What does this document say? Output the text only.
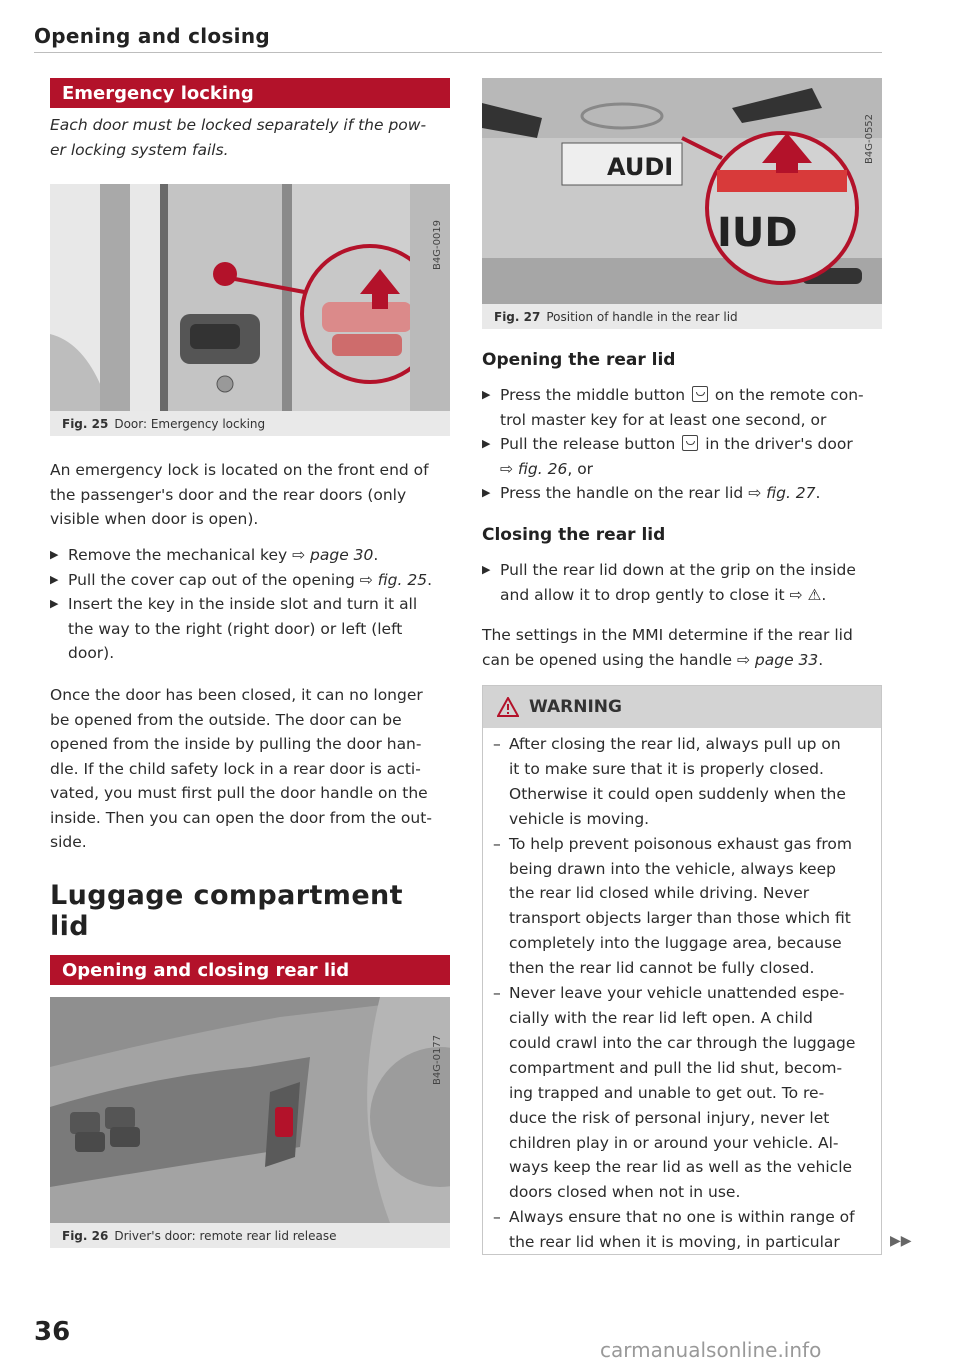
Opening and closing
Emergency locking
Each door must be locked separately if the pow-
er locking system fails.
B4G-0019
Fig. 25 Door: Emergency locking
An emergency lock is located on the front end of
the passenger's door and the rear doors (only
visible when door is open).
▶ Remove the mechanical key ⇨ page 30.
▶ Pull the cover cap out of the opening ⇨ fig. 25.
▶ Insert the key in the inside slot and turn it all
the way to the right (right door) or left (left
door).
Once the door has been closed, it can no longer
be opened from the outside. The door can be
opened from the inside by pulling the door han-
dle. If the child safety lock in a rear door is acti-
vated, you must first pull the door handle on the
inside. Then you can open the door from the out-
side.
Luggage compartment
lid
Opening and closing rear lid
B4G-0177
Fig. 26 Driver's door: remote rear lid release
AUDI
IUD
B4G-0552
Fig. 27 Position of handle in the rear lid
Opening the rear lid
▶ Press the middle button  on the remote con-
trol master key for at least one second, or
▶ Pull the release button  in the driver's door
⇨ fig. 26, or
▶ Press the handle on the rear lid ⇨ fig. 27.
Closing the rear lid
▶ Pull the rear lid down at the grip on the inside
and allow it to drop gently to close it ⇨ ⚠.
The settings in the MMI determine if the rear lid
can be opened using the handle ⇨ page 33.
WARNING
– After closing the rear lid, always pull up on
it to make sure that it is properly closed.
Otherwise it could open suddenly when the
vehicle is moving.
– To help prevent poisonous exhaust gas from
being drawn into the vehicle, always keep
the rear lid closed while driving. Never
transport objects larger than those which fit
completely into the luggage area, because
then the rear lid cannot be fully closed.
– Never leave your vehicle unattended espe-
cially with the rear lid left open. A child
could crawl into the car through the luggage
compartment and pull the lid shut, becom-
ing trapped and unable to get out. To re-
duce the risk of personal injury, never let
children play in or around your vehicle. Al-
ways keep the rear lid as well as the vehicle
doors closed when not in use.
– Always ensure that no one is within range of
the rear lid when it is moving, in particular	▶▶
36
carmanualsonline.info
